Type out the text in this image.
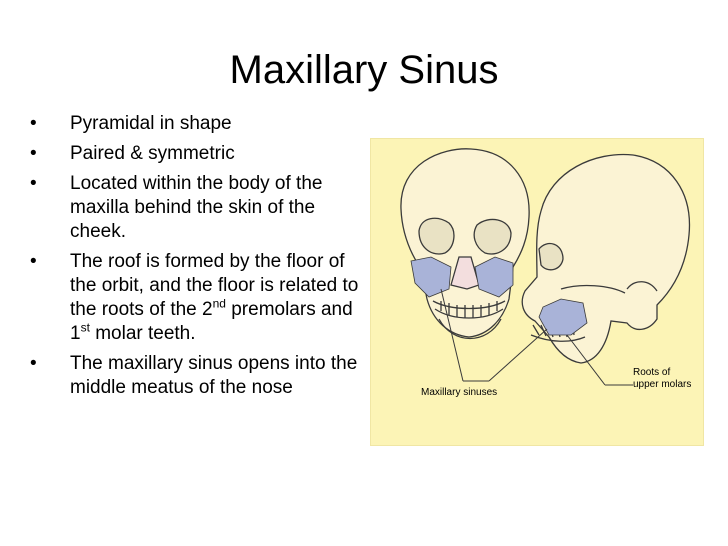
Maxillary Sinus
•	Pyramidal in shape
•	Paired & symmetric
•	Located within the body of the maxilla behind the skin of the cheek.
•	The roof is formed by the floor of the orbit, and the floor is related to the roots of the 2nd premolars and 1st molar teeth.
•	The maxillary sinus opens into the middle meatus of the nose	Maxillary sinuses
Roots of upper molars
